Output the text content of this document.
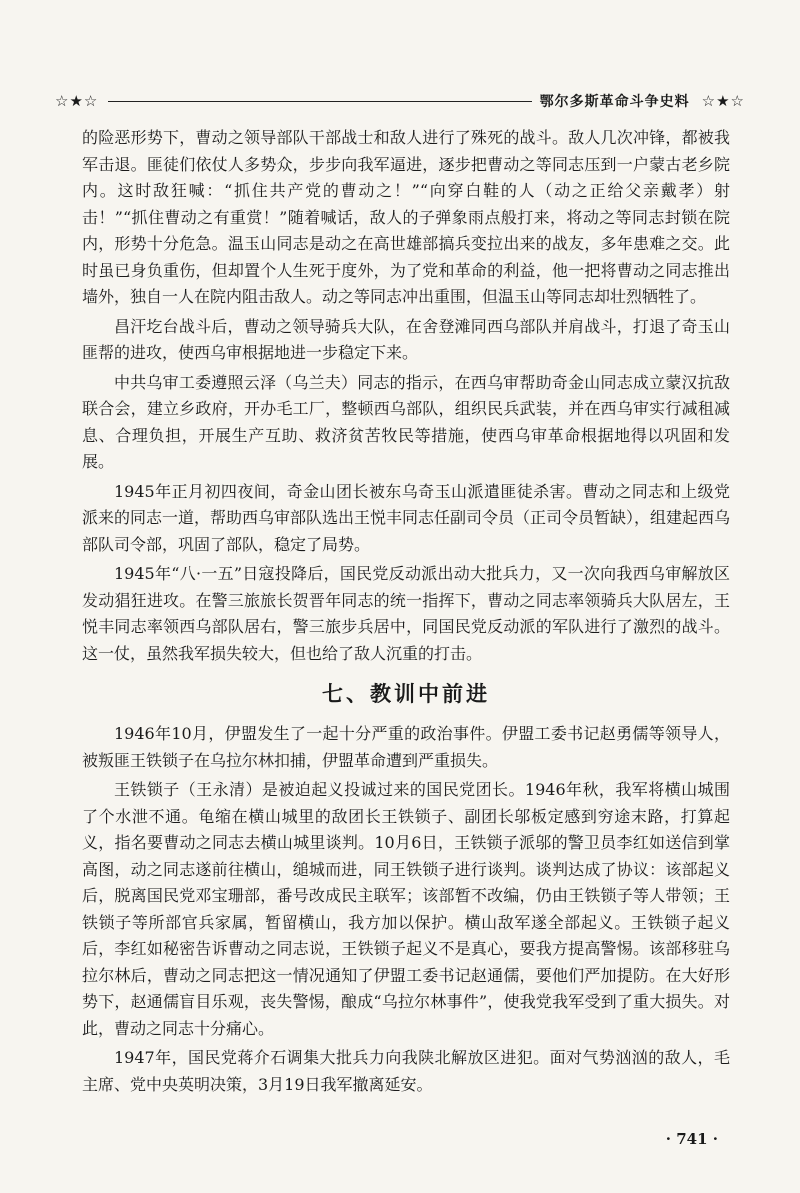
☆★☆	鄂尔多斯革命斗争史料 ☆★☆

的险恶形势下，曹动之领导部队干部战士和敌人进行了殊死的战斗。敌人几次冲锋，都被我军击退。匪徒们依仗人多势众，步步向我军逼进，逐步把曹动之等同志压到一户蒙古老乡院内。这时敌狂喊：“抓住共产党的曹动之！”“向穿白鞋的人（动之正给父亲戴孝）射击！”“抓住曹动之有重赏！”随着喊话，敌人的子弹象雨点般打来，将动之等同志封锁在院内，形势十分危急。温玉山同志是动之在高世雄部搞兵变拉出来的战友，多年患难之交。此时虽已身负重伤，但却置个人生死于度外，为了党和革命的利益，他一把将曹动之同志推出墙外，独自一人在院内阻击敌人。动之等同志冲出重围，但温玉山等同志却壮烈牺牲了。

昌汗圪台战斗后，曹动之领导骑兵大队，在舍登滩同西乌部队并肩战斗，打退了奇玉山匪帮的进攻，使西乌审根据地进一步稳定下来。

中共乌审工委遵照云泽（乌兰夫）同志的指示，在西乌审帮助奇金山同志成立蒙汉抗敌联合会，建立乡政府，开办毛工厂，整顿西乌部队，组织民兵武装，并在西乌审实行减租减息、合理负担，开展生产互助、救济贫苦牧民等措施，使西乌审革命根据地得以巩固和发展。

1945年正月初四夜间，奇金山团长被东乌奇玉山派遣匪徒杀害。曹动之同志和上级党派来的同志一道，帮助西乌审部队选出王悦丰同志任副司令员（正司令员暂缺），组建起西乌部队司令部，巩固了部队，稳定了局势。

1945年“八·一五”日寇投降后，国民党反动派出动大批兵力，又一次向我西乌审解放区发动猖狂进攻。在警三旅旅长贺晋年同志的统一指挥下，曹动之同志率领骑兵大队居左，王悦丰同志率领西乌部队居右，警三旅步兵居中，同国民党反动派的军队进行了激烈的战斗。这一仗，虽然我军损失较大，但也给了敌人沉重的打击。

七、教训中前进

1946年10月，伊盟发生了一起十分严重的政治事件。伊盟工委书记赵勇儒等领导人，被叛匪王铁锁子在乌拉尔林扣捕，伊盟革命遭到严重损失。

王铁锁子（王永清）是被迫起义投诚过来的国民党团长。1946年秋，我军将横山城围了个水泄不通。龟缩在横山城里的敌团长王铁锁子、副团长邬板定感到穷途末路，打算起义，指名要曹动之同志去横山城里谈判。10月6日，王铁锁子派邬的警卫员李红如送信到掌高图，动之同志遂前往横山，缒城而进，同王铁锁子进行谈判。谈判达成了协议：该部起义后，脱离国民党邓宝珊部，番号改成民主联军；该部暂不改编，仍由王铁锁子等人带领；王铁锁子等所部官兵家属，暂留横山，我方加以保护。横山敌军遂全部起义。王铁锁子起义后，李红如秘密告诉曹动之同志说，王铁锁子起义不是真心，要我方提高警惕。该部移驻乌拉尔林后，曹动之同志把这一情况通知了伊盟工委书记赵通儒，要他们严加提防。在大好形势下，赵通儒盲目乐观，丧失警惕，酿成“乌拉尔林事件”，使我党我军受到了重大损失。对此，曹动之同志十分痛心。

1947年，国民党蒋介石调集大批兵力向我陕北解放区进犯。面对气势汹汹的敌人，毛主席、党中央英明决策，3月19日我军撤离延安。

· 741 ·
